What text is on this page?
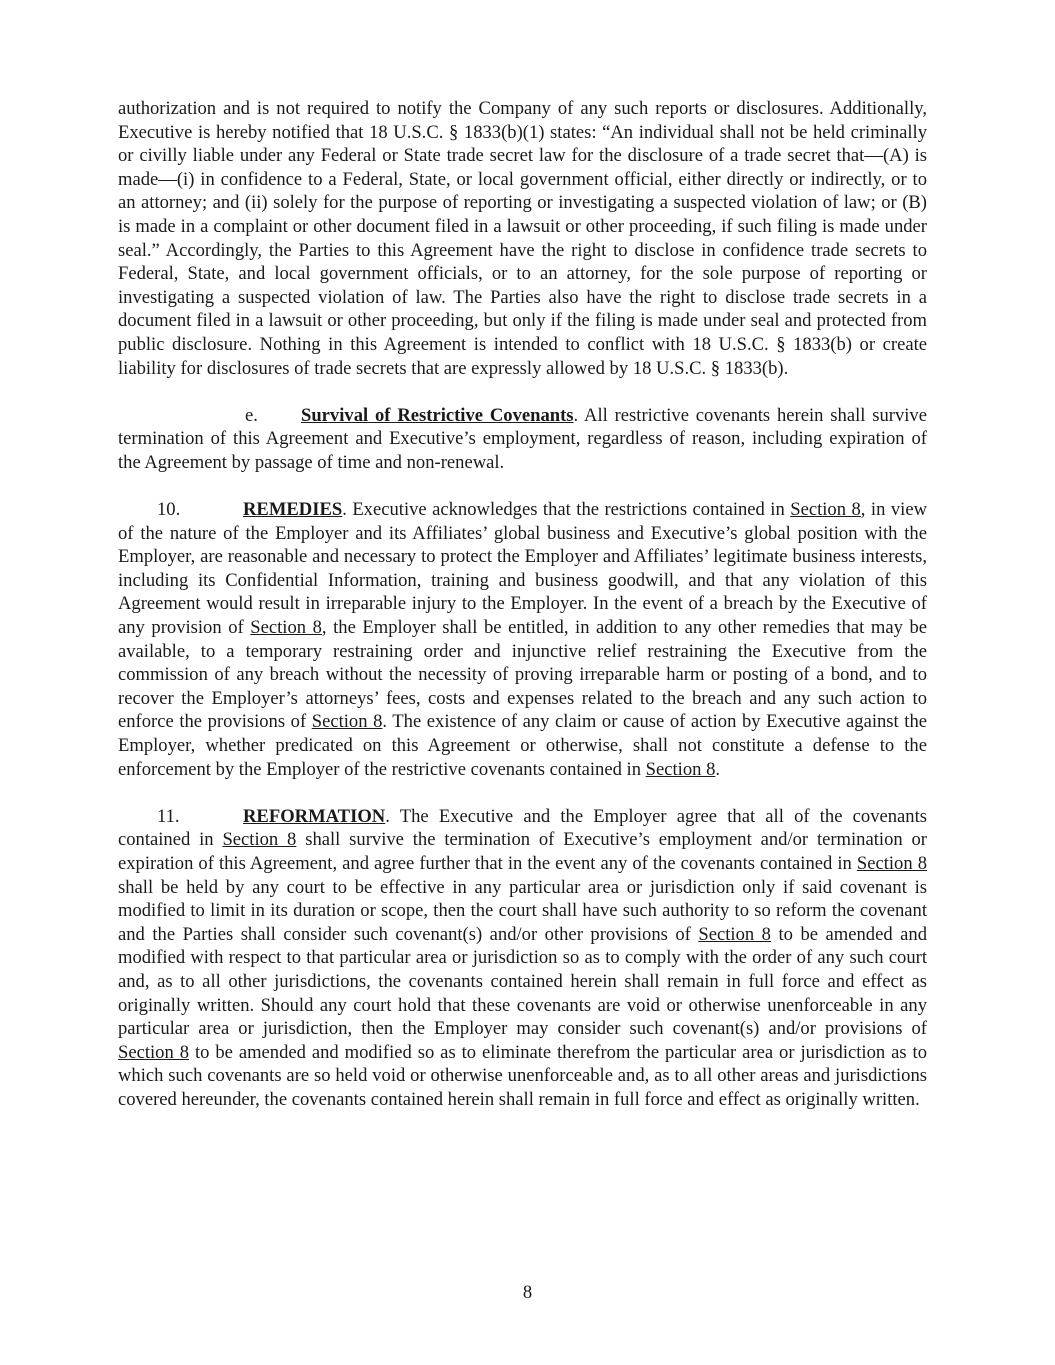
authorization and is not required to notify the Company of any such reports or disclosures. Additionally, Executive is hereby notified that 18 U.S.C. § 1833(b)(1) states: “An individual shall not be held criminally or civilly liable under any Federal or State trade secret law for the disclosure of a trade secret that—(A) is made—(i) in confidence to a Federal, State, or local government official, either directly or indirectly, or to an attorney; and (ii) solely for the purpose of reporting or investigating a suspected violation of law; or (B) is made in a complaint or other document filed in a lawsuit or other proceeding, if such filing is made under seal.” Accordingly, the Parties to this Agreement have the right to disclose in confidence trade secrets to Federal, State, and local government officials, or to an attorney, for the sole purpose of reporting or investigating a suspected violation of law. The Parties also have the right to disclose trade secrets in a document filed in a lawsuit or other proceeding, but only if the filing is made under seal and protected from public disclosure. Nothing in this Agreement is intended to conflict with 18 U.S.C. § 1833(b) or create liability for disclosures of trade secrets that are expressly allowed by 18 U.S.C. § 1833(b).

e. Survival of Restrictive Covenants. All restrictive covenants herein shall survive termination of this Agreement and Executive’s employment, regardless of reason, including expiration of the Agreement by passage of time and non-renewal.

10.	REMEDIES. Executive acknowledges that the restrictions contained in Section 8, in view of the nature of the Employer and its Affiliates’ global business and Executive’s global position with the Employer, are reasonable and necessary to protect the Employer and Affiliates’ legitimate business interests, including its Confidential Information, training and business goodwill, and that any violation of this Agreement would result in irreparable injury to the Employer. In the event of a breach by the Executive of any provision of Section 8, the Employer shall be entitled, in addition to any other remedies that may be available, to a temporary restraining order and injunctive relief restraining the Executive from the commission of any breach without the necessity of proving irreparable harm or posting of a bond, and to recover the Employer’s attorneys’ fees, costs and expenses related to the breach and any such action to enforce the provisions of Section 8. The existence of any claim or cause of action by Executive against the Employer, whether predicated on this Agreement or otherwise, shall not constitute a defense to the enforcement by the Employer of the restrictive covenants contained in Section 8.

11.	REFORMATION. The Executive and the Employer agree that all of the covenants contained in Section 8 shall survive the termination of Executive’s employment and/or termination or expiration of this Agreement, and agree further that in the event any of the covenants contained in Section 8 shall be held by any court to be effective in any particular area or jurisdiction only if said covenant is modified to limit in its duration or scope, then the court shall have such authority to so reform the covenant and the Parties shall consider such covenant(s) and/or other provisions of Section 8 to be amended and modified with respect to that particular area or jurisdiction so as to comply with the order of any such court and, as to all other jurisdictions, the covenants contained herein shall remain in full force and effect as originally written. Should any court hold that these covenants are void or otherwise unenforceable in any particular area or jurisdiction, then the Employer may consider such covenant(s) and/or provisions of Section 8 to be amended and modified so as to eliminate therefrom the particular area or jurisdiction as to which such covenants are so held void or otherwise unenforceable and, as to all other areas and jurisdictions covered hereunder, the covenants contained herein shall remain in full force and effect as originally written.

8
